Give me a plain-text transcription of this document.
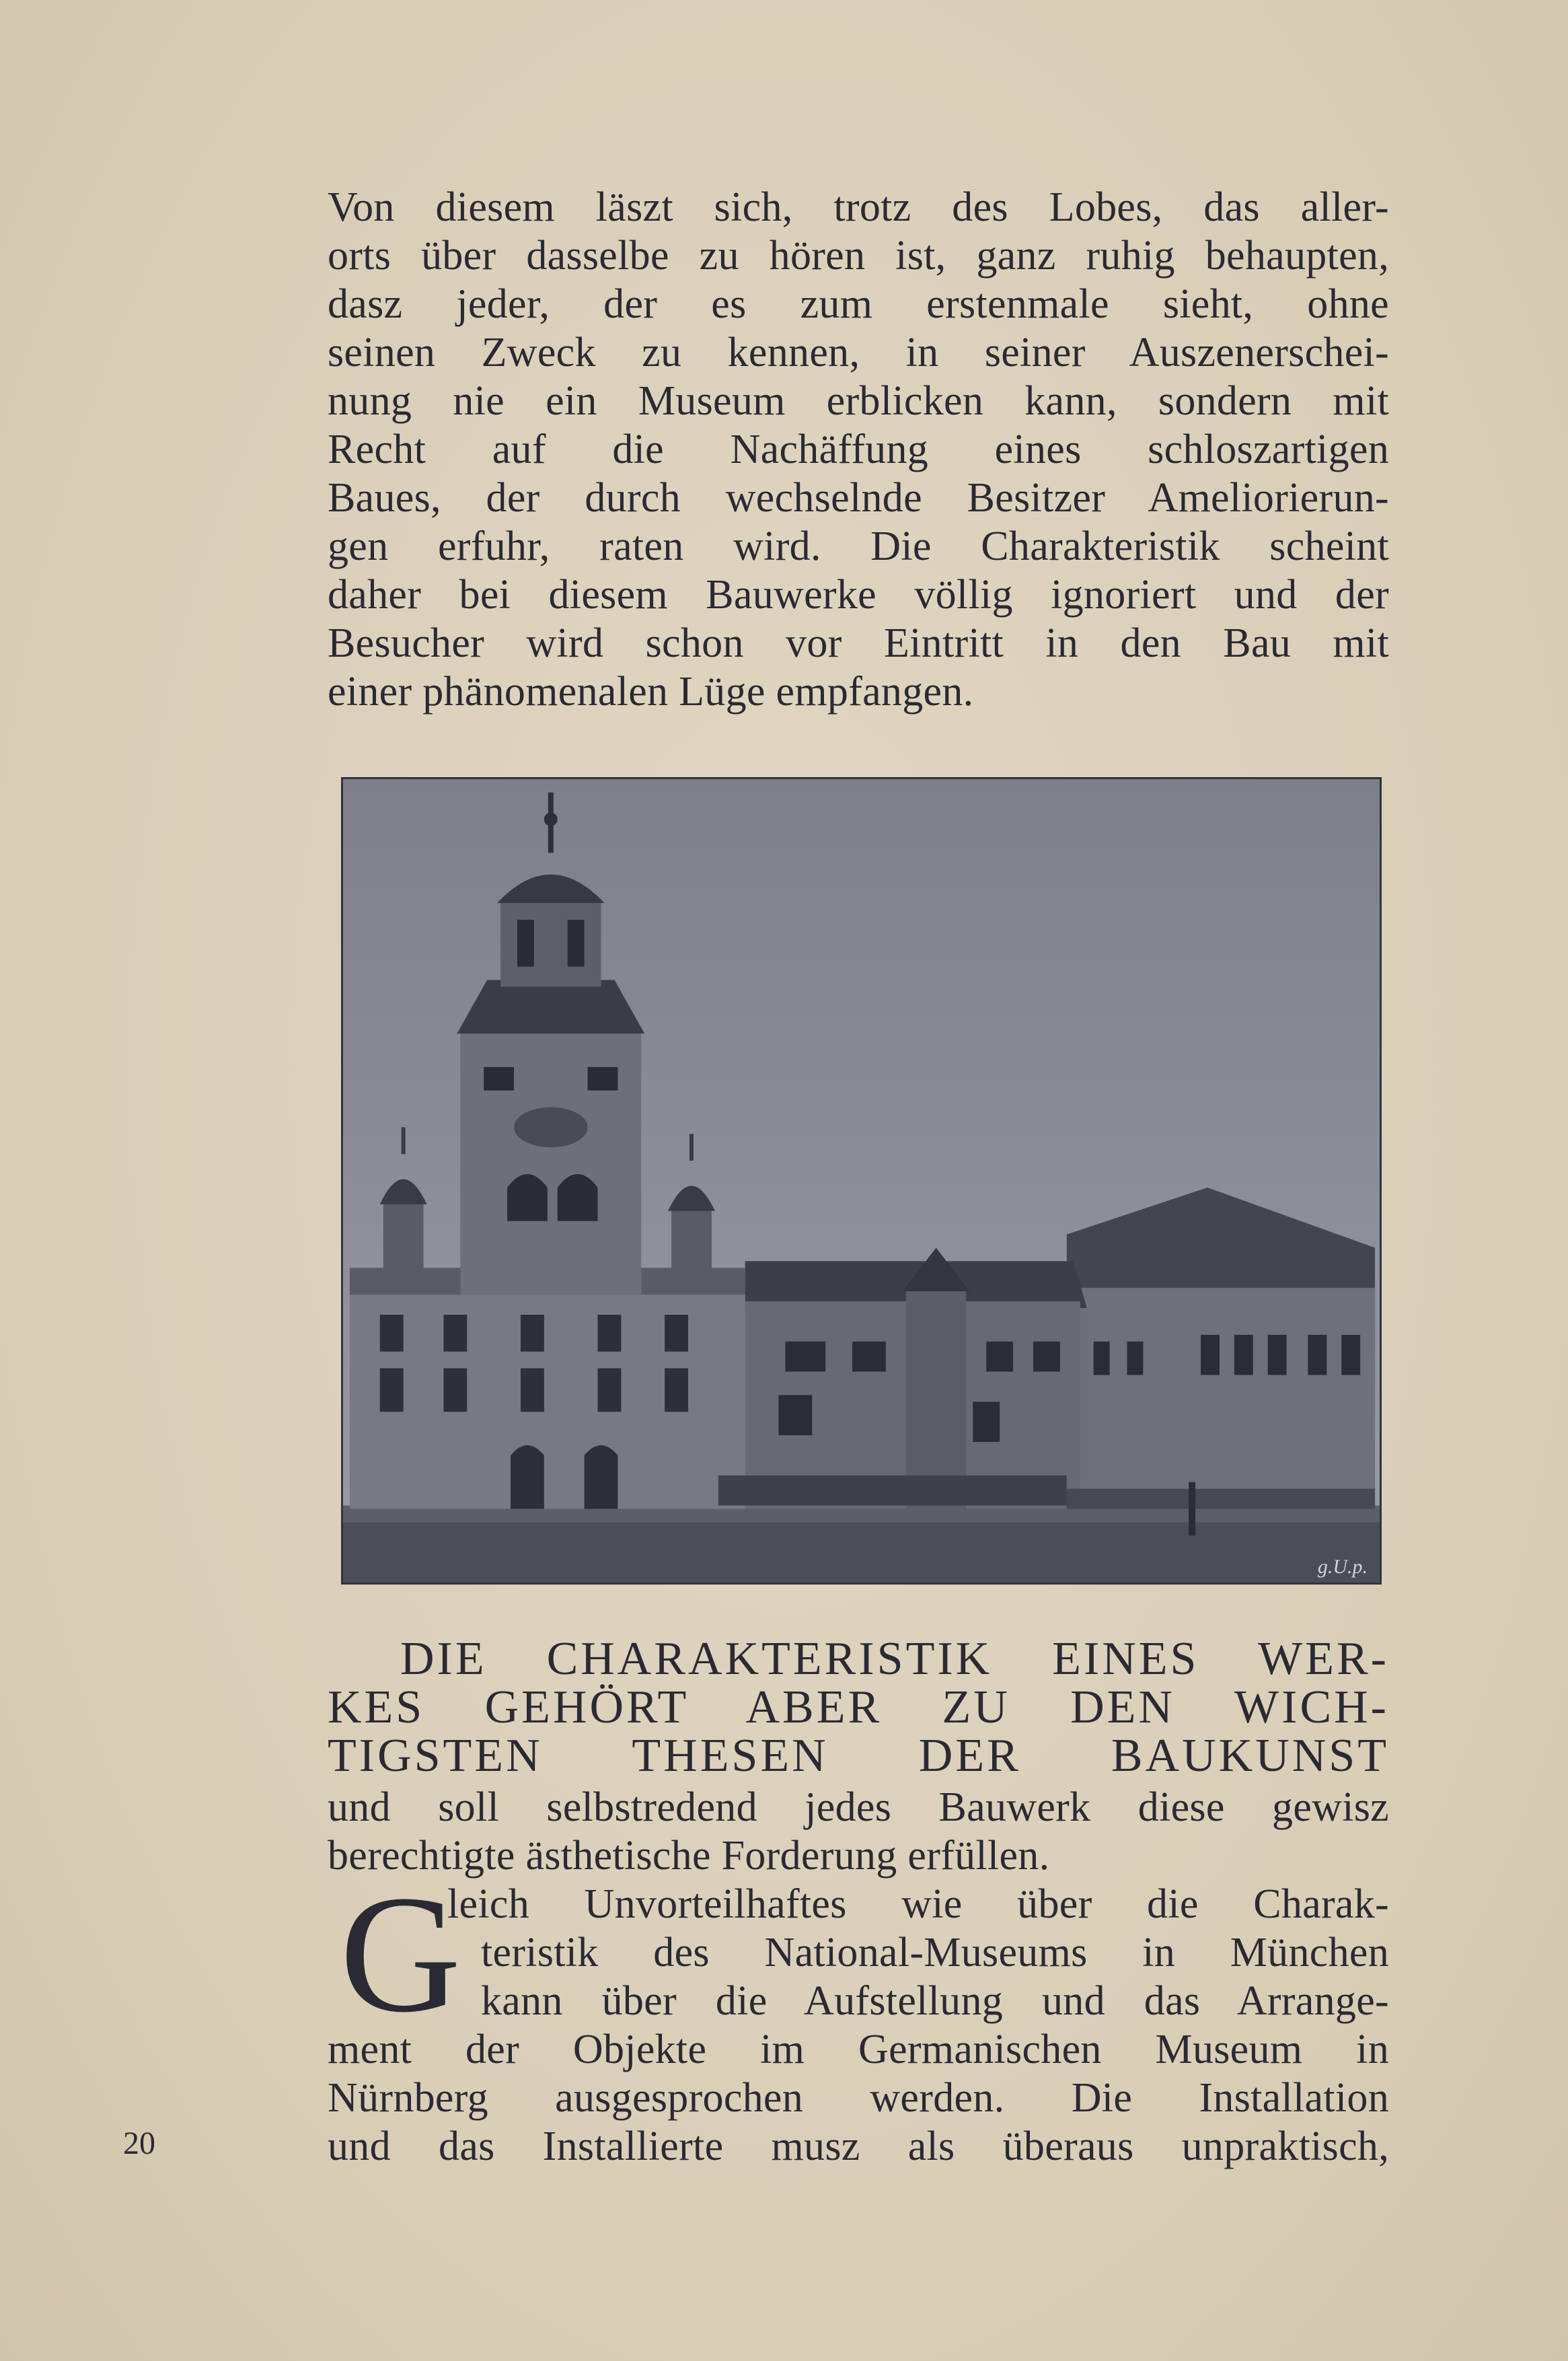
Von diesem läszt sich, trotz des Lobes, das aller-
orts über dasselbe zu hören ist, ganz ruhig behaupten,
dasz jeder, der es zum erstenmale sieht, ohne
seinen Zweck zu kennen, in seiner Auszenerschei-
nung nie ein Museum erblicken kann, sondern mit
Recht auf die Nachäffung eines schloszartigen
Baues, der durch wechselnde Besitzer Ameliorierun-
gen erfuhr, raten wird. Die Charakteristik scheint
daher bei diesem Bauwerke völlig ignoriert und der
Besucher wird schon vor Eintritt in den Bau mit
einer phänomenalen Lüge empfangen.
g.U.p.
DIE CHARAKTERISTIK EINES WER-
KES GEHÖRT ABER ZU DEN WICH-
TIGSTEN THESEN DER BAUKUNST
und soll selbstredend jedes Bauwerk diese gewisz
berechtigte ästhetische Forderung erfüllen.
G
leich Unvorteilhaftes wie über die Charak-
teristik des National-Museums in München
kann über die Aufstellung und das Arrange-
ment der Objekte im Germanischen Museum in
Nürnberg ausgesprochen werden. Die Installation
und das Installierte musz als überaus unpraktisch,
20
